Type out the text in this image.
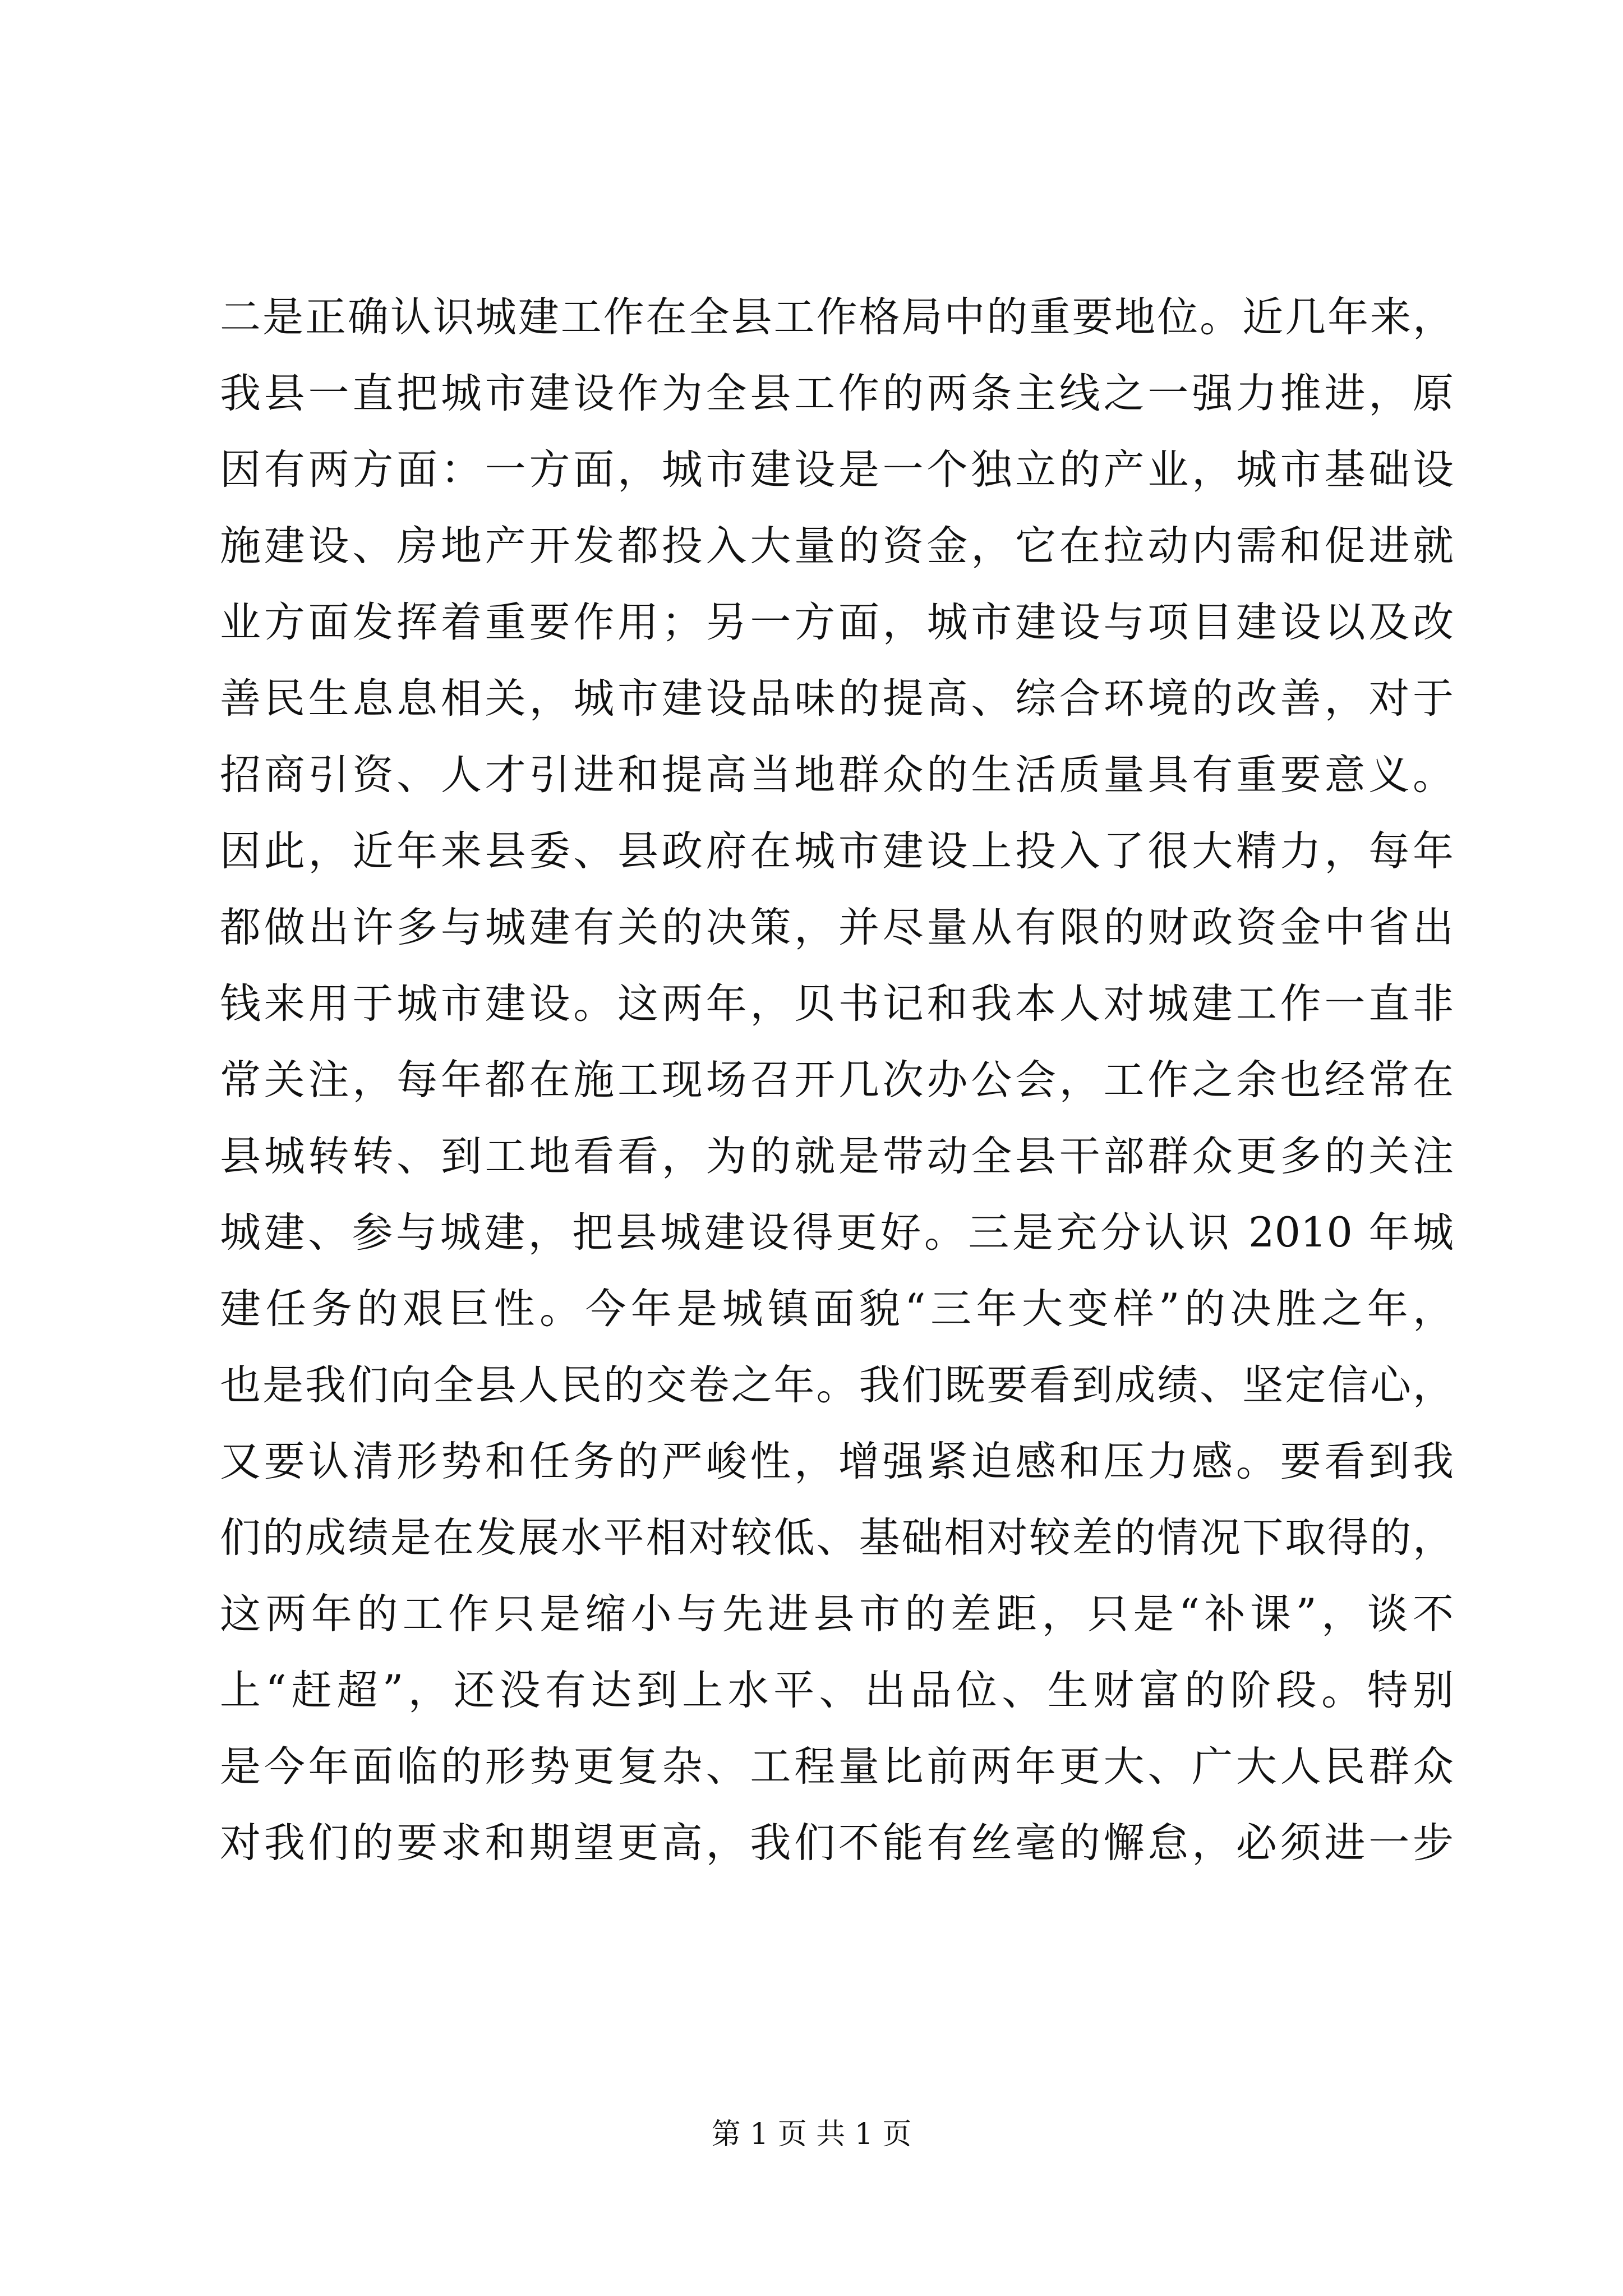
二是正确认识城建工作在全县工作格局中的重要地位。近几年来，
我县一直把城市建设作为全县工作的两条主线之一强力推进，原
因有两方面：一方面，城市建设是一个独立的产业，城市基础设
施建设、房地产开发都投入大量的资金，它在拉动内需和促进就
业方面发挥着重要作用；另一方面，城市建设与项目建设以及改
善民生息息相关，城市建设品味的提高、综合环境的改善，对于
招商引资、人才引进和提高当地群众的生活质量具有重要意义。
因此，近年来县委、县政府在城市建设上投入了很大精力，每年
都做出许多与城建有关的决策，并尽量从有限的财政资金中省出
钱来用于城市建设。这两年，贝书记和我本人对城建工作一直非
常关注，每年都在施工现场召开几次办公会，工作之余也经常在
县城转转、到工地看看，为的就是带动全县干部群众更多的关注
城建、参与城建，把县城建设得更好。三是充分认识 2010 年城
建任务的艰巨性。今年是城镇面貌“三年大变样”的决胜之年，
也是我们向全县人民的交卷之年。我们既要看到成绩、坚定信心，
又要认清形势和任务的严峻性，增强紧迫感和压力感。要看到我
们的成绩是在发展水平相对较低、基础相对较差的情况下取得的，
这两年的工作只是缩小与先进县市的差距，只是“补课”，谈不
上“赶超”，还没有达到上水平、出品位、生财富的阶段。特别
是今年面临的形势更复杂、工程量比前两年更大、广大人民群众
对我们的要求和期望更高，我们不能有丝毫的懈怠，必须进一步
第 1 页 共 1 页
